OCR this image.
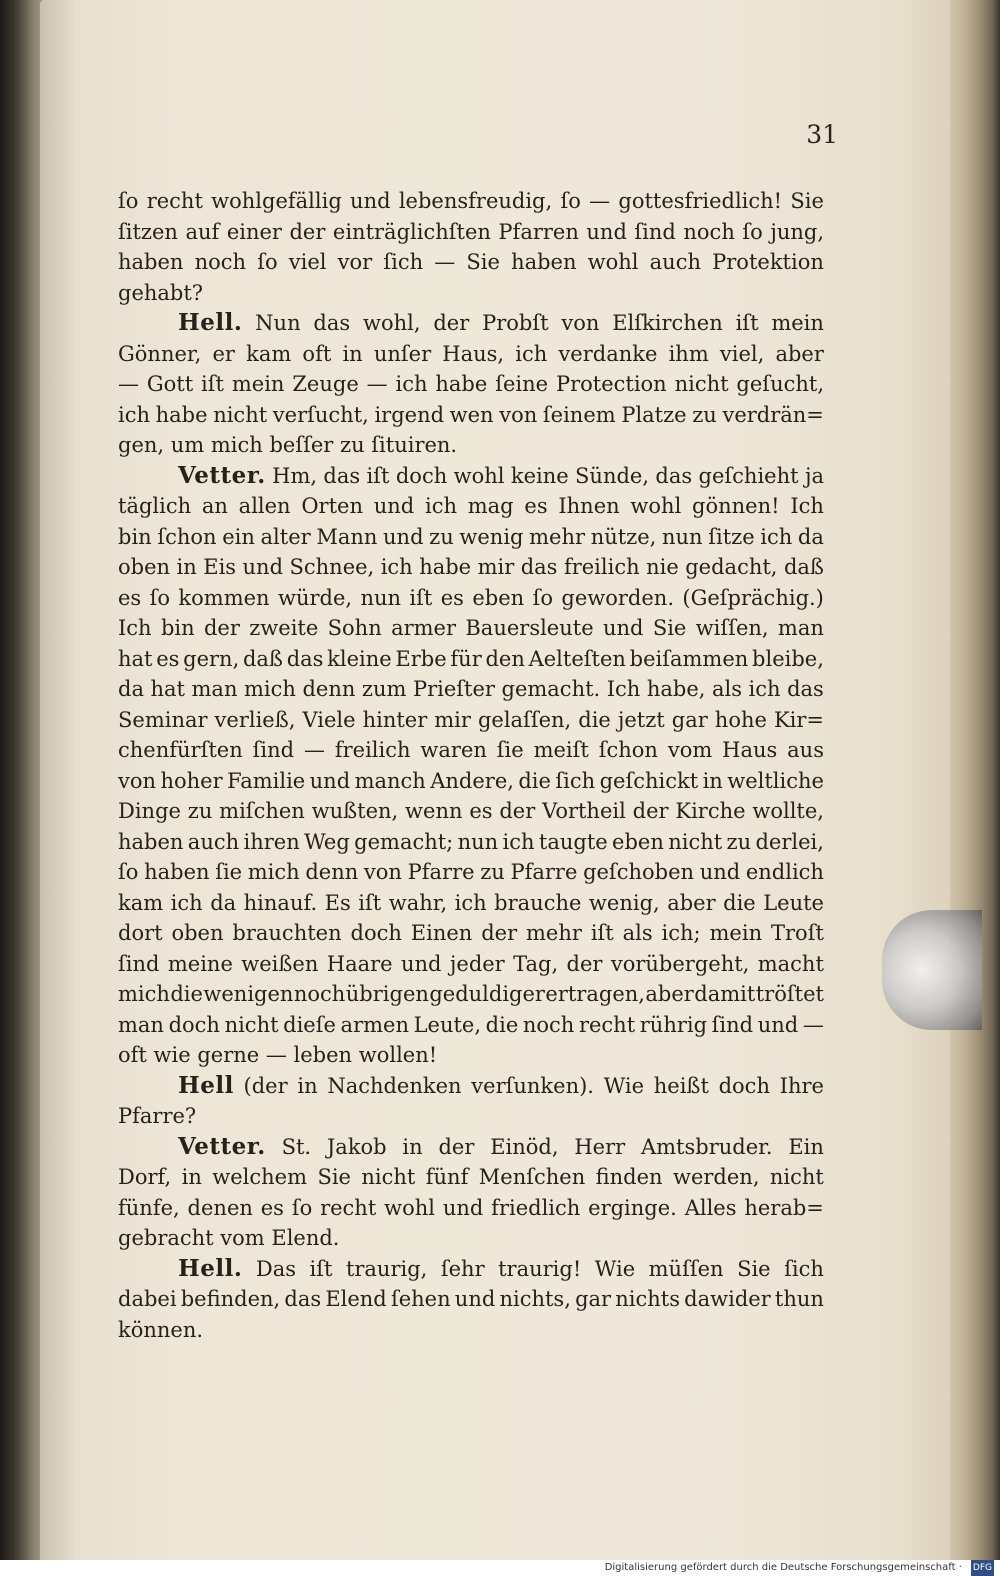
31
ſo recht wohlgefällig und lebensfreudig, ſo — gottesfriedlich! Sie
ſitzen auf einer der einträglichſten Pfarren und ſind noch ſo jung,
haben noch ſo viel vor ſich — Sie haben wohl auch Protektion
gehabt?
Hell. Nun das wohl, der Probſt von Elſkirchen iſt mein
Gönner, er kam oft in unſer Haus, ich verdanke ihm viel, aber
— Gott iſt mein Zeuge — ich habe ſeine Protection nicht geſucht,
ich habe nicht verſucht, irgend wen von ſeinem Platze zu verdrän=
gen, um mich beſſer zu ſituiren.
Vetter. Hm, das iſt doch wohl keine Sünde, das geſchieht ja
täglich an allen Orten und ich mag es Ihnen wohl gönnen! Ich
bin ſchon ein alter Mann und zu wenig mehr nütze, nun ſitze ich da
oben in Eis und Schnee, ich habe mir das freilich nie gedacht, daß
es ſo kommen würde, nun iſt es eben ſo geworden. (Geſprächig.)
Ich bin der zweite Sohn armer Bauersleute und Sie wiſſen, man
hat es gern, daß das kleine Erbe für den Aelteſten beiſammen bleibe,
da hat man mich denn zum Prieſter gemacht. Ich habe, als ich das
Seminar verließ, Viele hinter mir gelaſſen, die jetzt gar hohe Kir=
chenfürſten ſind — freilich waren ſie meiſt ſchon vom Haus aus
von hoher Familie und manch Andere, die ſich geſchickt in weltliche
Dinge zu miſchen wußten, wenn es der Vortheil der Kirche wollte,
haben auch ihren Weg gemacht; nun ich taugte eben nicht zu derlei,
ſo haben ſie mich denn von Pfarre zu Pfarre geſchoben und endlich
kam ich da hinauf. Es iſt wahr, ich brauche wenig, aber die Leute
dort oben brauchten doch Einen der mehr iſt als ich; mein Troſt
ſind meine weißen Haare und jeder Tag, der vorübergeht, macht
mich die wenigen noch übrigen geduldiger ertragen, aber damit tröſtet
man doch nicht dieſe armen Leute, die noch recht rührig ſind und —
oft wie gerne — leben wollen!
Hell (der in Nachdenken verſunken). Wie heißt doch Ihre
Pfarre?
Vetter. St. Jakob in der Einöd, Herr Amtsbruder. Ein
Dorf, in welchem Sie nicht fünf Menſchen finden werden, nicht
fünfe, denen es ſo recht wohl und friedlich erginge. Alles herab=
gebracht vom Elend.
Hell. Das iſt traurig, ſehr traurig! Wie müſſen Sie ſich
dabei befinden, das Elend ſehen und nichts, gar nichts dawider thun
können.
Digitalisierung gefördert durch die Deutsche Forschungsgemeinschaft · DFG
